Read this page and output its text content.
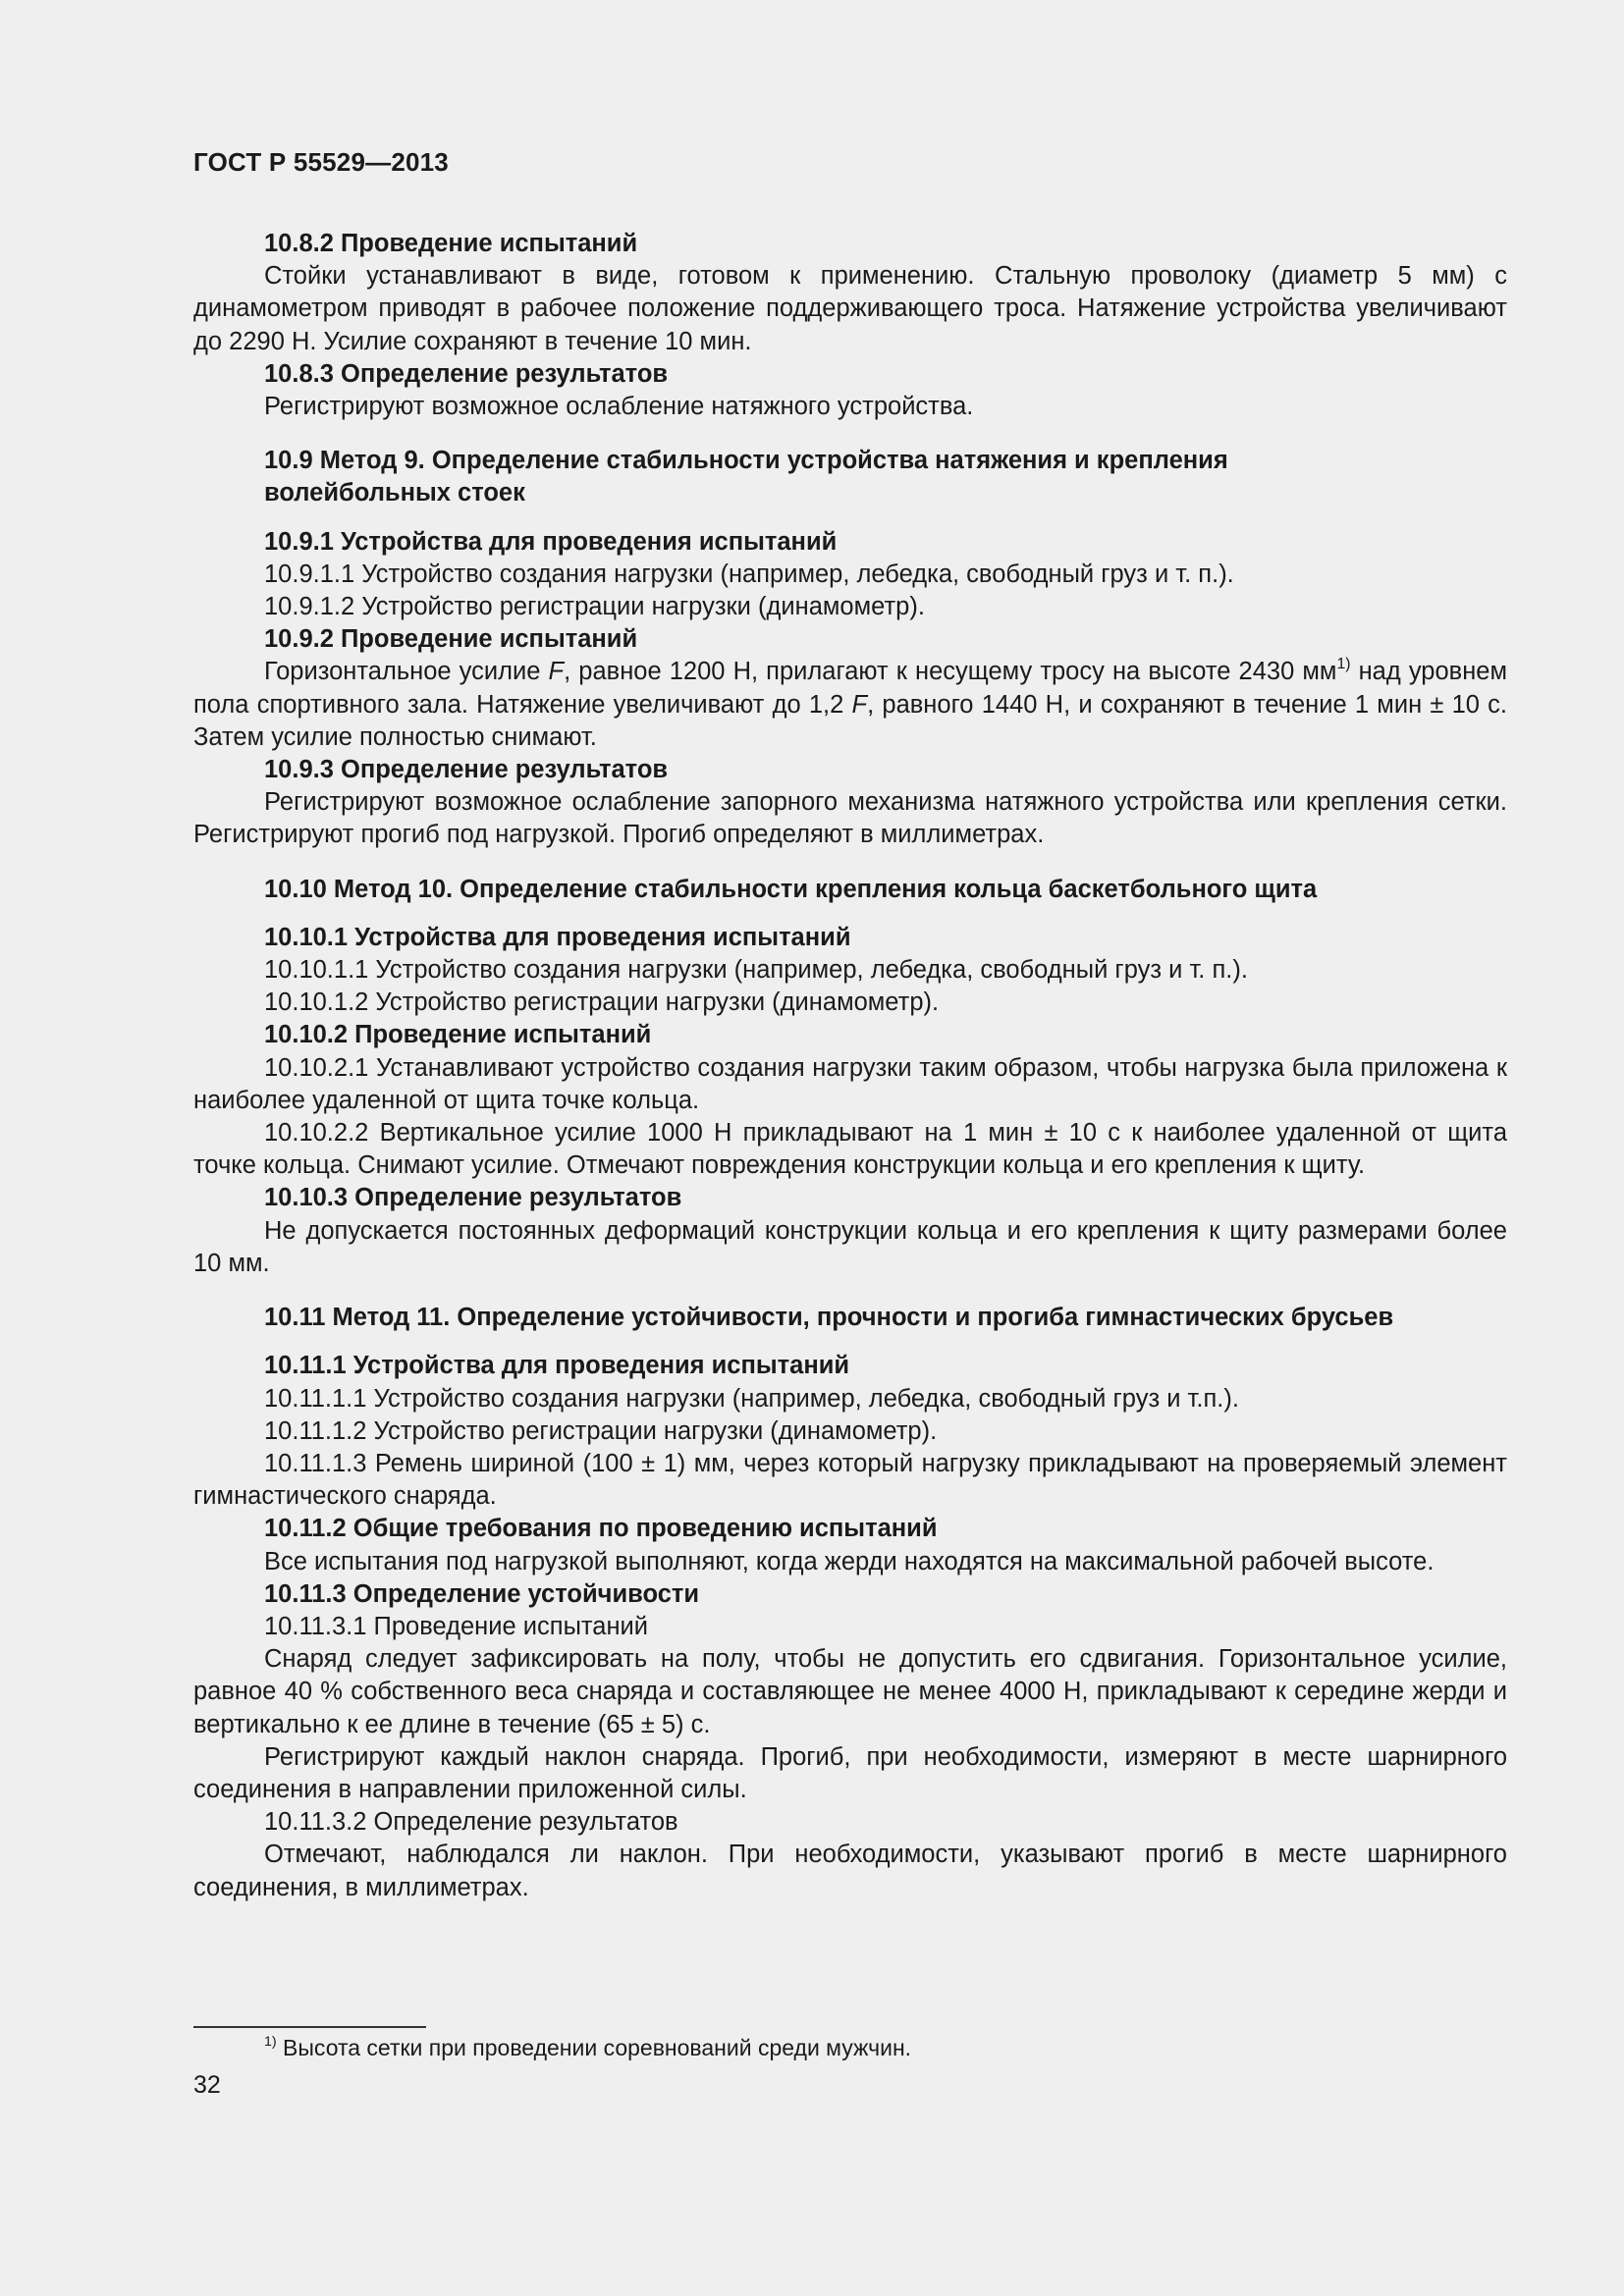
ГОСТ Р 55529—2013
10.8.2 Проведение испытаний
Стойки устанавливают в виде, готовом к применению. Стальную проволоку (диаметр 5 мм) с динамометром приводят в рабочее положение поддерживающего троса. Натяжение устройства увеличивают до 2290 Н. Усилие сохраняют в течение 10 мин.
10.8.3 Определение результатов
Регистрируют возможное ослабление натяжного устройства.
10.9 Метод 9. Определение стабильности устройства натяжения и крепления волейбольных стоек
10.9.1 Устройства для проведения испытаний
10.9.1.1 Устройство создания нагрузки (например, лебедка, свободный груз и т. п.).
10.9.1.2 Устройство регистрации нагрузки (динамометр).
10.9.2 Проведение испытаний
Горизонтальное усилие F, равное 1200 Н, прилагают к несущему тросу на высоте 2430 $мм^{1)}$ над уровнем пола спортивного зала. Натяжение увеличивают до 1,2 F, равного 1440 Н, и сохраняют в течение 1 мин ± 10 с. Затем усилие полностью снимают.
10.9.3 Определение результатов
Регистрируют возможное ослабление запорного механизма натяжного устройства или крепления сетки. Регистрируют прогиб под нагрузкой. Прогиб определяют в миллиметрах.
10.10 Метод 10. Определение стабильности крепления кольца баскетбольного щита
10.10.1 Устройства для проведения испытаний
10.10.1.1 Устройство создания нагрузки (например, лебедка, свободный груз и т. п.).
10.10.1.2 Устройство регистрации нагрузки (динамометр).
10.10.2 Проведение испытаний
10.10.2.1 Устанавливают устройство создания нагрузки таким образом, чтобы нагрузка была приложена к наиболее удаленной от щита точке кольца.
10.10.2.2 Вертикальное усилие 1000 Н прикладывают на 1 мин ± 10 с к наиболее удаленной от щита точке кольца. Снимают усилие. Отмечают повреждения конструкции кольца и его крепления к щиту.
10.10.3 Определение результатов
Не допускается постоянных деформаций конструкции кольца и его крепления к щиту размерами более 10 мм.
10.11 Метод 11. Определение устойчивости, прочности и прогиба гимнастических брусьев
10.11.1 Устройства для проведения испытаний
10.11.1.1 Устройство создания нагрузки (например, лебедка, свободный груз и т.п.).
10.11.1.2 Устройство регистрации нагрузки (динамометр).
10.11.1.3 Ремень шириной (100 ± 1) мм, через который нагрузку прикладывают на проверяемый элемент гимнастического снаряда.
10.11.2 Общие требования по проведению испытаний
Все испытания под нагрузкой выполняют, когда жерди находятся на максимальной рабочей высоте.
10.11.3 Определение устойчивости
10.11.3.1 Проведение испытаний
Снаряд следует зафиксировать на полу, чтобы не допустить его сдвигания. Горизонтальное усилие, равное 40 % собственного веса снаряда и составляющее не менее 4000 Н, прикладывают к середине жерди и вертикально к ее длине в течение (65 ± 5) с.
Регистрируют каждый наклон снаряда. Прогиб, при необходимости, измеряют в месте шарнирного соединения в направлении приложенной силы.
10.11.3.2 Определение результатов
Отмечают, наблюдался ли наклон. При необходимости, указывают прогиб в месте шарнирного соединения, в миллиметрах.
$^{1)}$ Высота сетки при проведении соревнований среди мужчин.
32
